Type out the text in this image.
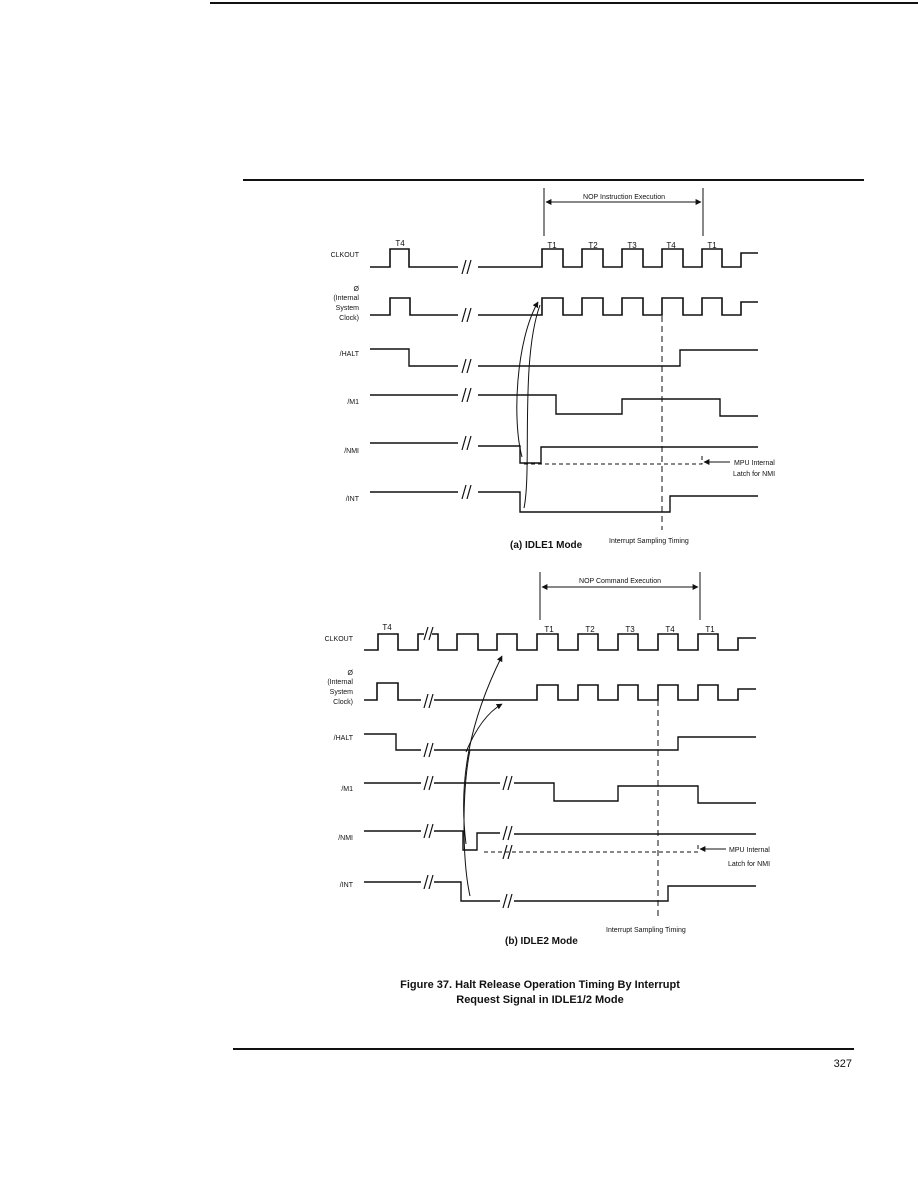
NOP Instruction Execution
T4	T1	T2	T3	T4	T1
CLKOUT
Ø
(Internal
System
Clock)
/HALT
/M1
/NMI
/INT
MPU Internal
Latch for NMI
(a) IDLE1 Mode	Interrupt Sampling Timing
NOP Command Execution
T4	T1	T2	T3	T4	T1
CLKOUT
Ø
(Internal
System
Clock)
/HALT
/M1
/NMI
/INT
MPU Internal
Latch for NMI
(b) IDLE2 Mode
Interrupt Sampling Timing
Figure 37. Halt Release Operation Timing By Interrupt
Request Signal in IDLE1/2 Mode
327
